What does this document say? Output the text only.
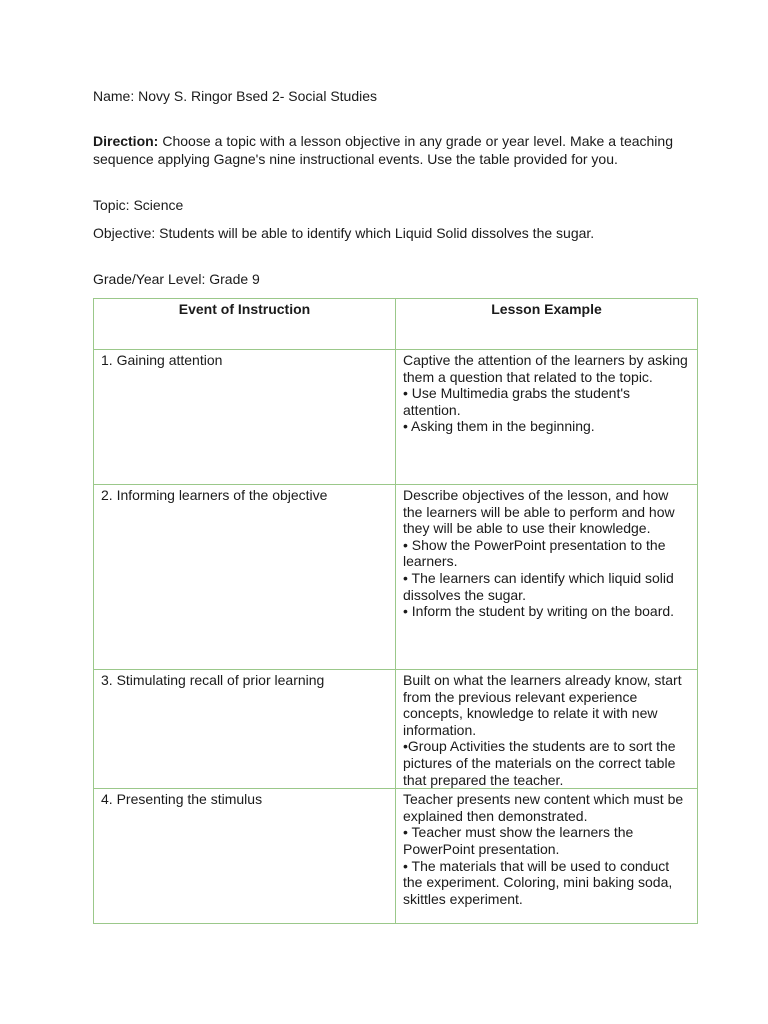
Name: Novy S. Ringor Bsed 2- Social Studies
Direction: Choose a topic with a lesson objective in any grade or year level. Make a teaching sequence applying Gagne's nine instructional events. Use the table provided for you.
Topic: Science
Objective: Students will be able to identify which Liquid Solid dissolves the sugar.
Grade/Year Level: Grade 9
Event of Instruction	Lesson Example
1. Gaining attention	Captive the attention of the learners by asking them a question that related to the topic.
• Use Multimedia grabs the student's attention.
• Asking them in the beginning.

2. Informing learners of the objective	Describe objectives of the lesson, and how the learners will be able to perform and how they will be able to use their knowledge.
• Show the PowerPoint presentation to the learners.
• The learners can identify which liquid solid dissolves the sugar.
• Inform the student by writing on the board.

3. Stimulating recall of prior learning	Built on what the learners already know, start from the previous relevant experience concepts, knowledge to relate it with new information.
•Group Activities the students are to sort the pictures of the materials on the correct table that prepared the teacher.

4. Presenting the stimulus	Teacher presents new content which must be explained then demonstrated.
• Teacher must show the learners the PowerPoint presentation.
• The materials that will be used to conduct the experiment. Coloring, mini baking soda, skittles experiment.
